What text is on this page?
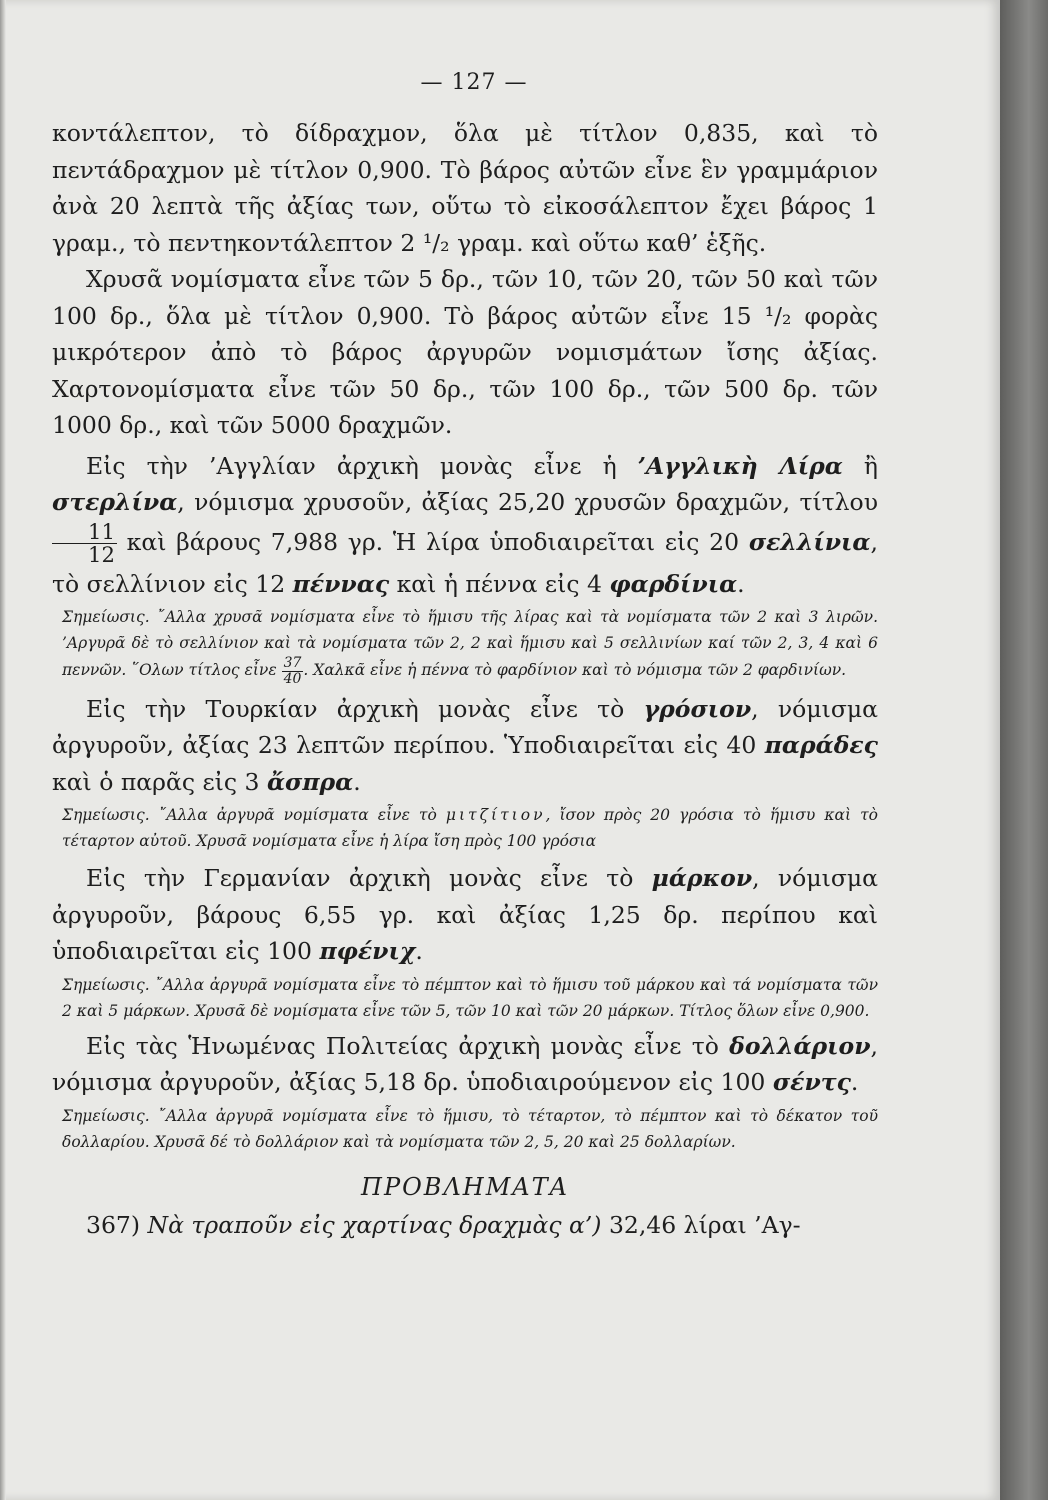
— 127 —

κοντάλεπτον, τὸ δίδραχμον, ὅλα μὲ τίτλον 0,835, καὶ τὸ πεντάδραχμον μὲ τίτλον 0,900. Τὸ βάρος αὐτῶν εἶνε ἓν γραμμάριον ἀνὰ 20 λεπτὰ τῆς ἀξίας των, οὕτω τὸ εἰκοσάλεπτον ἔχει βάρος 1 γραμ., τὸ πεντηκοντάλεπτον 2 ¹/₂ γραμ. καὶ οὕτω καθ’ ἑξῆς.

Χρυσᾶ νομίσματα εἶνε τῶν 5 δρ., τῶν 10, τῶν 20, τῶν 50 καὶ τῶν 100 δρ., ὅλα μὲ τίτλον 0,900. Τὸ βάρος αὐτῶν εἶνε 15 ¹/₂ φορὰς μικρότερον ἀπὸ τὸ βάρος ἀργυρῶν νομισμάτων ἴσης ἀξίας. Χαρτονομίσματα εἶνε τῶν 50 δρ., τῶν 100 δρ., τῶν 500 δρ. τῶν 1000 δρ., καὶ τῶν 5000 δραχμῶν.

Εἰς τὴν ’Αγγλίαν ἀρχικὴ μονὰς εἶνε ἡ ’Αγγλικὴ Λίρα ἢ στερλίνα, νόμισμα χρυσοῦν, ἀξίας 25,20 χρυσῶν δραχμῶν, τίτλου
$\frac{11}{12}$ καὶ βάρους 7,988 γρ. Ἡ λίρα ὑποδιαιρεῖται εἰς 20 σελλίνια, τὸ σελλίνιον εἰς 12 πέννας καὶ ἡ πέννα εἰς 4 φαρδίνια.

Σημείωσις. ῎Αλλα χρυσᾶ νομίσματα εἶνε τὸ ἥμισυ τῆς λίρας καὶ τὰ νομίσματα τῶν 2 καὶ 3 λιρῶν. ’Αργυρᾶ δὲ τὸ σελλίνιον καὶ τὰ νομίσματα τῶν 2, 2 καὶ ἥμισυ καὶ 5 σελλινίων καί τῶν 2, 3, 4 καὶ 6 πεννῶν. ῞Ολων τίτλος εἶνε $\frac{37}{40}$ . Χαλκᾶ εἶνε ἡ πέννα τὸ φαρδίνιον καὶ τὸ νόμισμα τῶν 2 φαρδινίων.

Εἰς τὴν Τουρκίαν ἀρχικὴ μονὰς εἶνε τὸ γρόσιον, νόμισμα ἀργυροῦν, ἀξίας 23 λεπτῶν περίπου. Ὑποδιαιρεῖται εἰς 40 παράδες καὶ ὁ παρᾶς εἰς 3 ἄσπρα.

Σημείωσις. ῎Αλλα ἀργυρᾶ νομίσματα εἶνε τὸ μιτζίτιον, ἴσον πρὸς 20 γρόσια τὸ ἥμισυ καὶ τὸ τέταρτον αὐτοῦ. Χρυσᾶ νομίσματα εἶνε ἡ λίρα ἴση πρὸς 100 γρόσια

Εἰς τὴν Γερμανίαν ἀρχικὴ μονὰς εἶνε τὸ μάρκον, νόμισμα ἀργυροῦν, βάρους 6,55 γρ. καὶ ἀξίας 1,25 δρ. περίπου καὶ ὑποδιαιρεῖται εἰς 100 πφένιχ.

Σημείωσις. ῎Αλλα ἀργυρᾶ νομίσματα εἶνε τὸ πέμπτον καὶ τὸ ἥμισυ τοῦ μάρκου καὶ τά νομίσματα τῶν 2 καὶ 5 μάρκων. Χρυσᾶ δὲ νομίσματα εἶνε τῶν 5, τῶν 10 καὶ τῶν 20 μάρκων. Τίτλος ὅλων εἶνε 0,900.

Εἰς τὰς Ἡνωμένας Πολιτείας ἀρχικὴ μονὰς εἶνε τὸ δολλάριον, νόμισμα ἀργυροῦν, ἀξίας 5,18 δρ. ὑποδιαιρούμενον εἰς 100 σέντς.

Σημείωσις. ῎Αλλα ἀργυρᾶ νομίσματα εἶνε τὸ ἥμισυ, τὸ τέταρτον, τὸ πέμπτον καὶ τὸ δέκατον τοῦ δολλαρίου. Χρυσᾶ δέ τὸ δολλάριον καὶ τὰ νομίσματα τῶν 2, 5, 20 καὶ 25 δολλαρίων.

ΠΡΟΒΛΗΜΑΤΑ

367) Νὰ τραποῦν εἰς χαρτίνας δραχμὰς α’) 32,46 λίραι ’Αγ-
